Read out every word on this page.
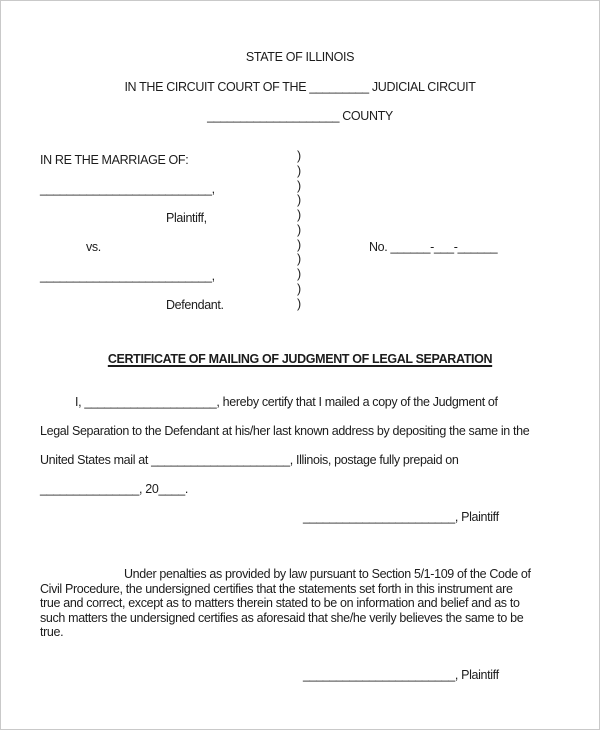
STATE OF ILLINOIS
IN THE CIRCUIT COURT OF THE _________ JUDICIAL CIRCUIT
____________________ COUNTY
IN RE THE MARRIAGE OF:
__________________________,
Plaintiff,
vs.
__________________________,
Defendant.
)
)
)
)
)
)
)
)
)
)
)
No. ______-___-______
CERTIFICATE OF MAILING OF JUDGMENT OF LEGAL SEPARATION
I, ____________________, hereby certify that I mailed a copy of the Judgment of
Legal Separation to the Defendant at his/her last known address by depositing the same in the
United States mail at _____________________, Illinois, postage fully prepaid on
_______________, 20____.
_______________________, Plaintiff
Under penalties as provided by law pursuant to Section 5/1-109 of the Code of
Civil Procedure, the undersigned certifies that the statements set forth in this instrument are
true and correct, except as to matters therein stated to be on information and belief and as to
such matters the undersigned certifies as aforesaid that she/he verily believes the same to be
true.
_______________________, Plaintiff
